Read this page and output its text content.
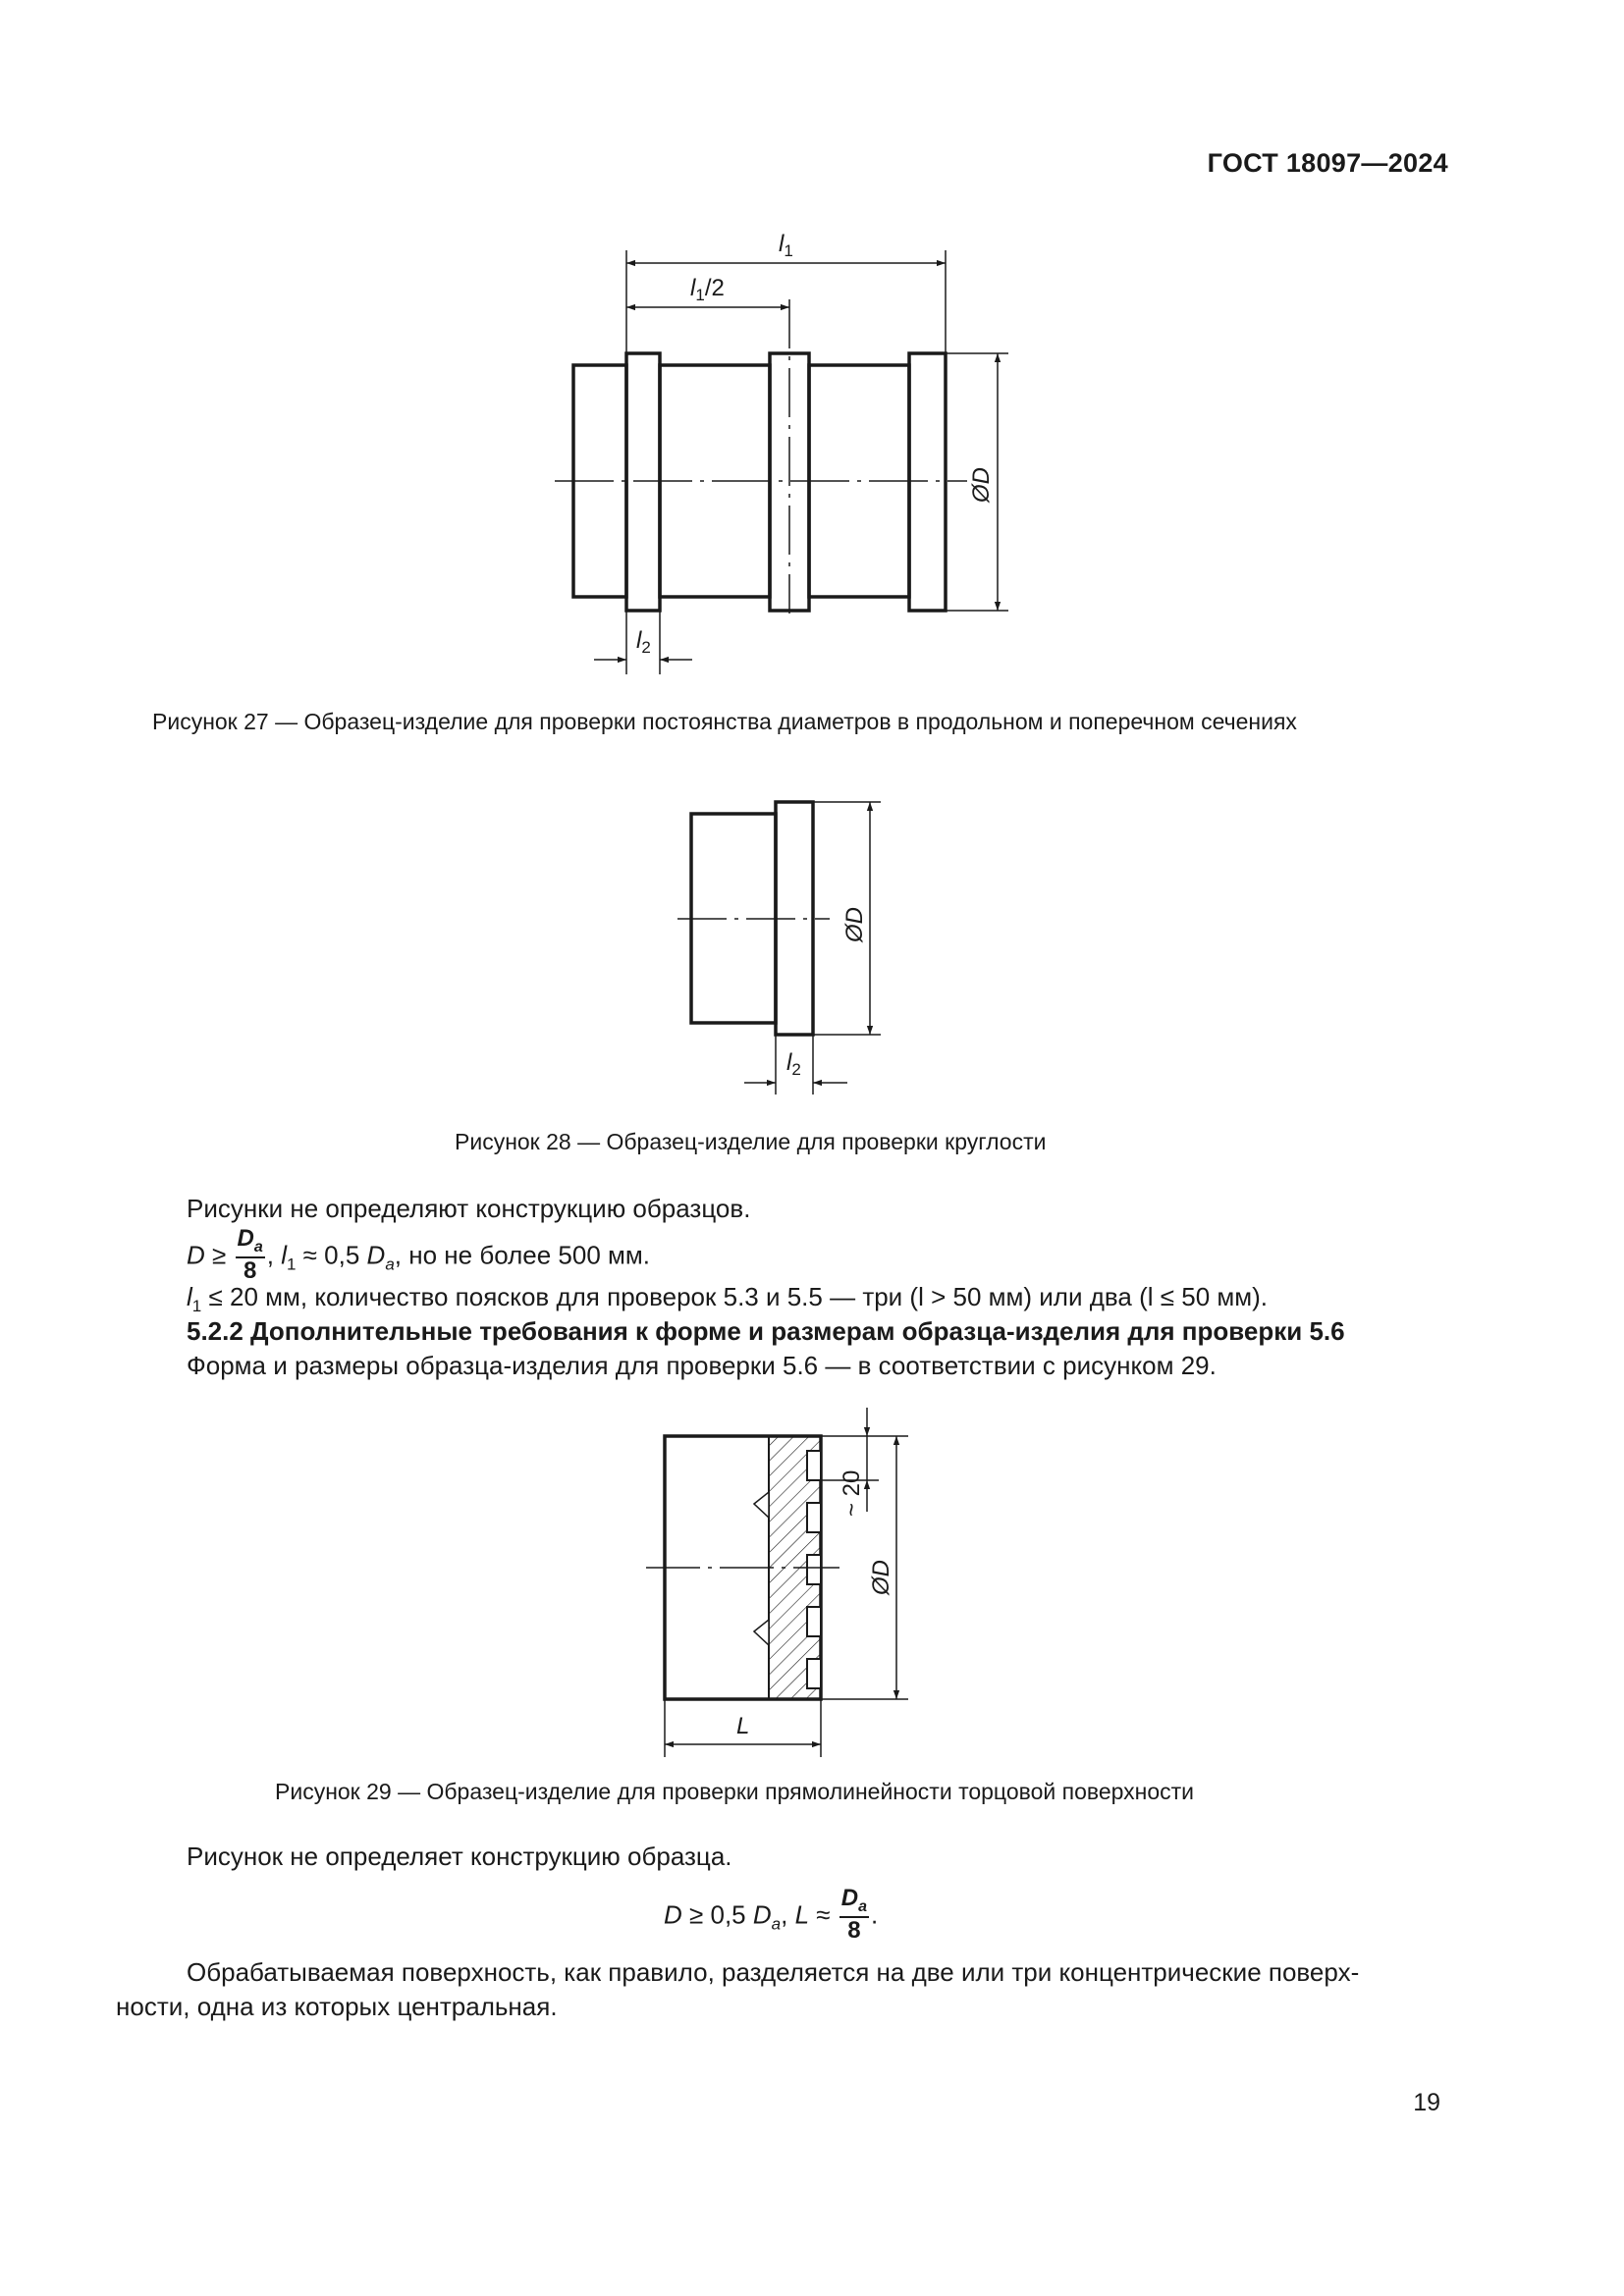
ГОСТ 18097—2024
$l_1$
$l_1/2$
ØD
$l_2$
ØD
$l_2$
~ 20
ØD
L
Рисунок 27 — Образец-изделие для проверки постоянства диаметров в продольном и поперечном сечениях
Рисунок 28 — Образец-изделие для проверки круглости
Рисунки не определяют конструкцию образцов.
$D \ge \frac{D_a}{8}$ , $l_1 \approx 0,5$ $D_a$, но не более 500 мм.
$l_1 \le 20$ мм, количество поясков для проверок 5.3 и 5.5 — три (l > 50 мм) или два (l ≤ 50 мм).
5.2.2 Дополнительные требования к форме и размерам образца-изделия для проверки 5.6
Форма и размеры образца-изделия для проверки 5.6 — в соответствии с рисунком 29.
Рисунок 29 — Образец-изделие для проверки прямолинейности торцовой поверхности
Рисунок не определяет конструкцию образца.
D ≥ 0,5 $D_a$, $L \approx \frac{D_a}{8}$ .
Обрабатываемая поверхность, как правило, разделяется на две или три концентрические поверх-
ности, одна из которых центральная.
19
